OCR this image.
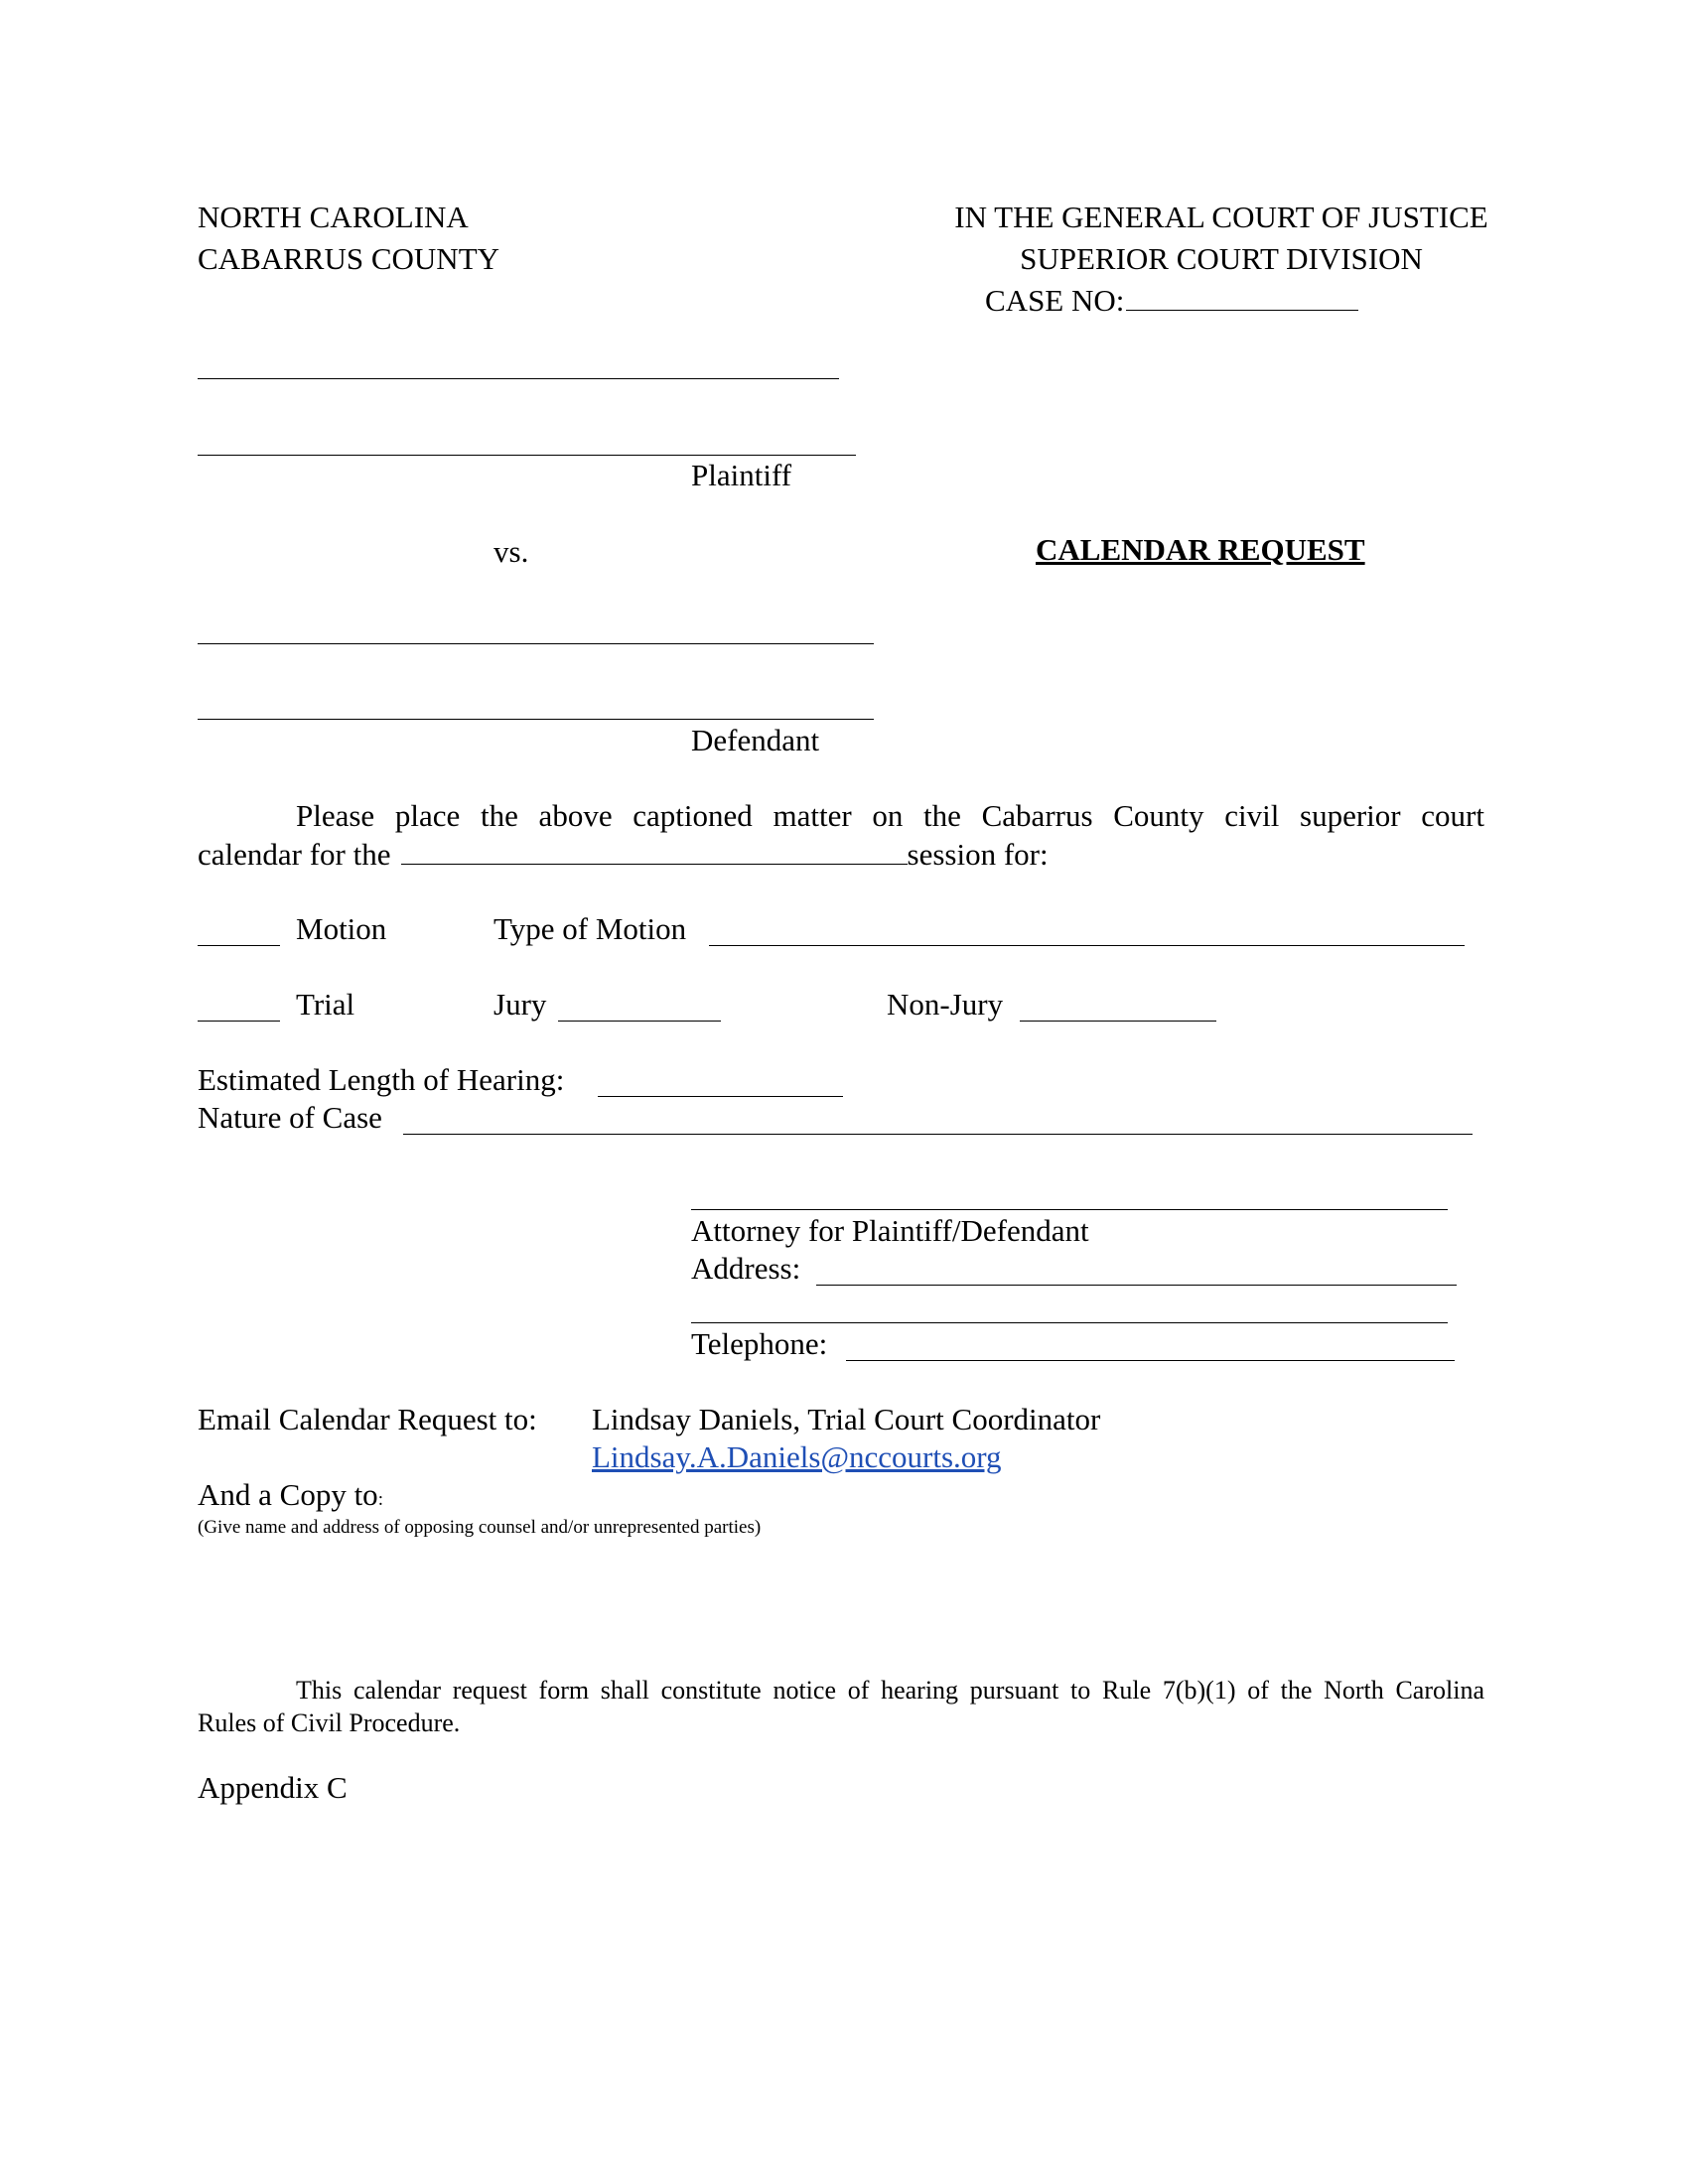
NORTH CAROLINA
CABARRUS COUNTY
IN THE GENERAL COURT OF JUSTICE
SUPERIOR COURT DIVISION
CASE NO:
Plaintiff
vs.	CALENDAR REQUEST
Defendant
Please place the above captioned matter on the Cabarrus County civil superior court
calendar for the	session for:
Motion	Type of Motion
Trial	Jury	Non-Jury
Estimated Length of Hearing:
Nature of Case
Attorney for Plaintiff/Defendant
Address:
Telephone:
Email Calendar Request to: Lindsay Daniels, Trial Court Coordinator
Lindsay.A.Daniels@nccourts.org
And a Copy to:
(Give name and address of opposing counsel and/or unrepresented parties)
This calendar request form shall constitute notice of hearing pursuant to Rule 7(b)(1) of the North Carolina
Rules of Civil Procedure.
Appendix C
